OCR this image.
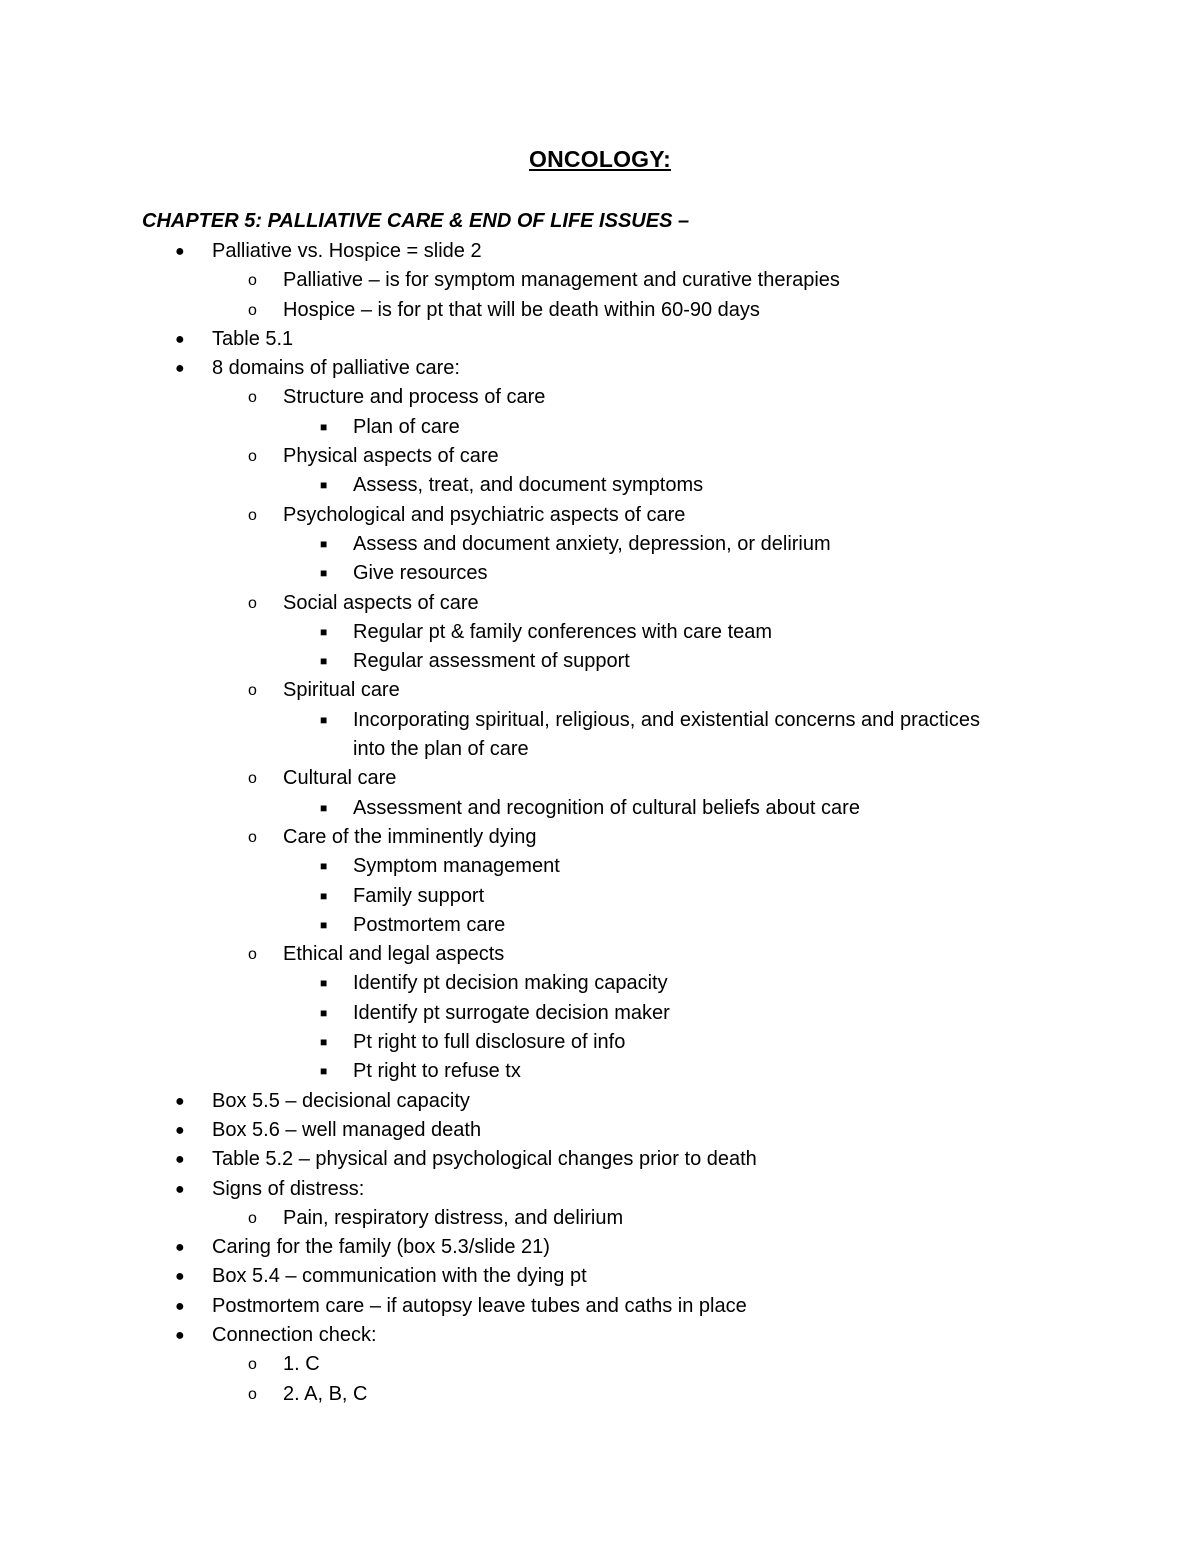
ONCOLOGY:
CHAPTER 5: PALLIATIVE CARE & END OF LIFE ISSUES –
● Palliative vs. Hospice = slide 2
o Palliative – is for symptom management and curative therapies
o Hospice – is for pt that will be death within 60-90 days
● Table 5.1
● 8 domains of palliative care:
o Structure and process of care
■ Plan of care
o Physical aspects of care
■ Assess, treat, and document symptoms
o Psychological and psychiatric aspects of care
■ Assess and document anxiety, depression, or delirium
■ Give resources
o Social aspects of care
■ Regular pt & family conferences with care team
■ Regular assessment of support
o Spiritual care
■ Incorporating spiritual, religious, and existential concerns and practices
into the plan of care
o Cultural care
■ Assessment and recognition of cultural beliefs about care
o Care of the imminently dying
■ Symptom management
■ Family support
■ Postmortem care
o Ethical and legal aspects
■ Identify pt decision making capacity
■ Identify pt surrogate decision maker
■ Pt right to full disclosure of info
■ Pt right to refuse tx
● Box 5.5 – decisional capacity
● Box 5.6 – well managed death
● Table 5.2 – physical and psychological changes prior to death
● Signs of distress:
o Pain, respiratory distress, and delirium
● Caring for the family (box 5.3/slide 21)
● Box 5.4 – communication with the dying pt
● Postmortem care – if autopsy leave tubes and caths in place
● Connection check:
o 1. C
o 2. A, B, C
